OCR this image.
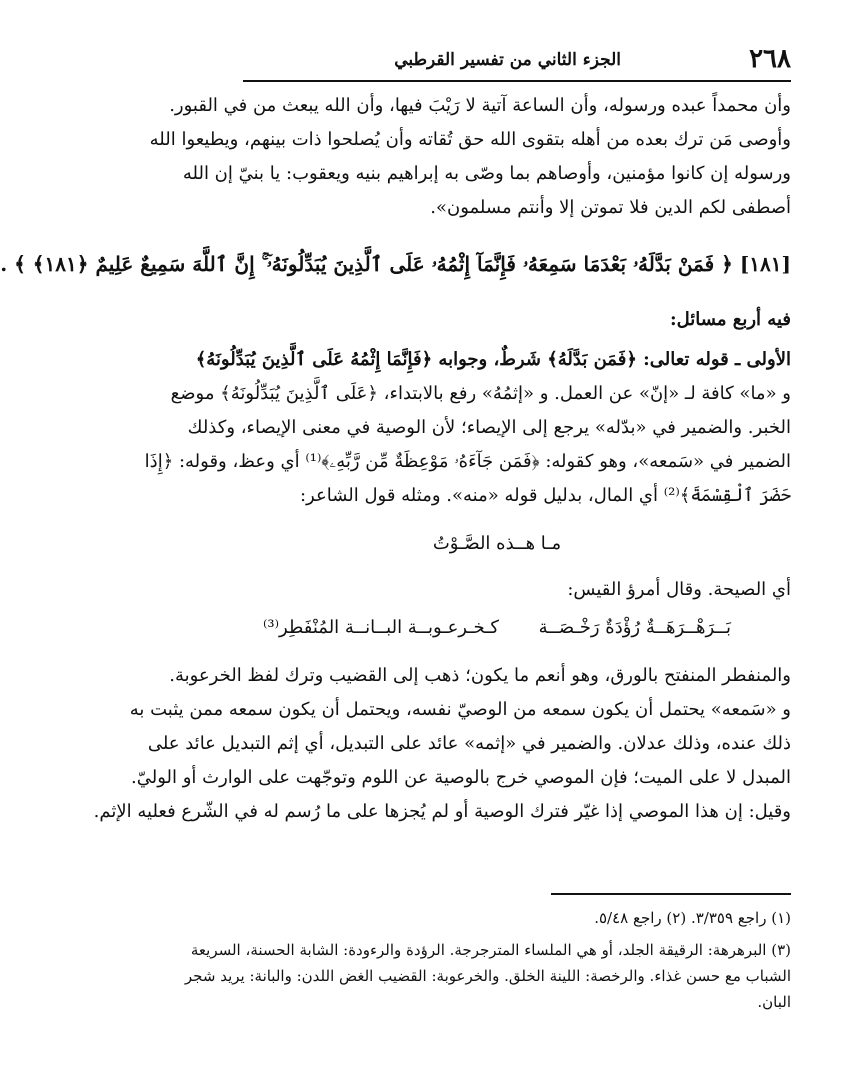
٢٦٨
الجزء الثاني من تفسير القرطبي
وأن محمداً عبده ورسوله، وأن الساعة آتية لا رَيْبَ فيها، وأن الله يبعث من في القبور.
وأوصى مَن ترك بعده من أهله بتقوى الله حق تُقاته وأن يُصلحوا ذات بينهم، ويطيعوا الله
ورسوله إن كانوا مؤمنين، وأوصاهم بما وصّى به إبراهيم بنيه ويعقوب: يا بنيّ إن الله
أصطفى لكم الدين فلا تموتن إلا وأنتم مسلمون».
[١٨١] ﴿ فَمَنْ بَدَّلَهُۥ بَعْدَمَا سَمِعَهُۥ فَإِنَّمَآ إِثْمُهُۥ عَلَى ٱلَّذِينَ يُبَدِّلُونَهُۥٓ ۚ إِنَّ ٱللَّهَ سَمِيعٌ عَلِيمٌ ﴿١٨١﴾ ﴾ .
فيه أربع مسائل:
الأولى ـ قوله تعالى: ﴿فَمَن بَدَّلَهُ﴾ شَرطٌ، وجوابه ﴿فَإِنَّمَا إِثْمُهُ عَلَى ٱلَّذِينَ يُبَدِّلُونَهُ﴾
و «ما» كافة لـ «إنّ» عن العمل. و «إثمُهُ» رفع بالابتداء، ﴿عَلَى ٱلَّذِينَ يُبَدِّلُونَهُ﴾ موضع
الخبر. والضمير في «بدّله» يرجع إلى الإيصاء؛ لأن الوصية في معنى الإيصاء، وكذلك
الضمير في «سَمعه»، وهو كقوله: ﴿فَمَن جَآءَهُۥ مَوْعِظَةٌ مِّن رَّبِّهِۦ﴾⁽¹⁾ أي وعظ، وقوله: ﴿إِذَا
حَضَرَ ٱلْقِسْمَةَ﴾⁽²⁾ أي المال، بدليل قوله «منه». ومثله قول الشاعر:
مـا هــذه الصَّـوْتُ
أي الصيحة. وقال أمرؤ القيس:
بَــرَهْــرَهَــةٌ رُؤْدَةٌ رَخْـصَــة
كـخـرعـوبــة البــانــة المُنْفَطِر⁽³⁾
والمنفطر المنفتح بالورق، وهو أنعم ما يكون؛ ذهب إلى القضيب وترك لفظ الخرعوبة.
و «سَمعه» يحتمل أن يكون سمعه من الوصيّ نفسه، ويحتمل أن يكون سمعه ممن يثبت به
ذلك عنده، وذلك عدلان. والضمير في «إثمه» عائد على التبديل، أي إثم التبديل عائد على
المبدل لا على الميت؛ فإن الموصي خرج بالوصية عن اللوم وتوجّهت على الوارث أو الوليّ.
وقيل: إن هذا الموصي إذا غيّر فترك الوصية أو لم يُجزها على ما رُسم له في الشّرع فعليه الإثم.
(١) راجع ٣/٣٥٩. (٢) راجع ٥/٤٨.
(٣) البرهرهة: الرقيقة الجلد، أو هي الملساء المترجرجة. الرؤدة والرءودة: الشابة الحسنة، السريعة
الشباب مع حسن غذاء. والرخصة: اللينة الخلق. والخرعوبة: القضيب الغض اللدن: والبانة: يريد شجر
البان.
